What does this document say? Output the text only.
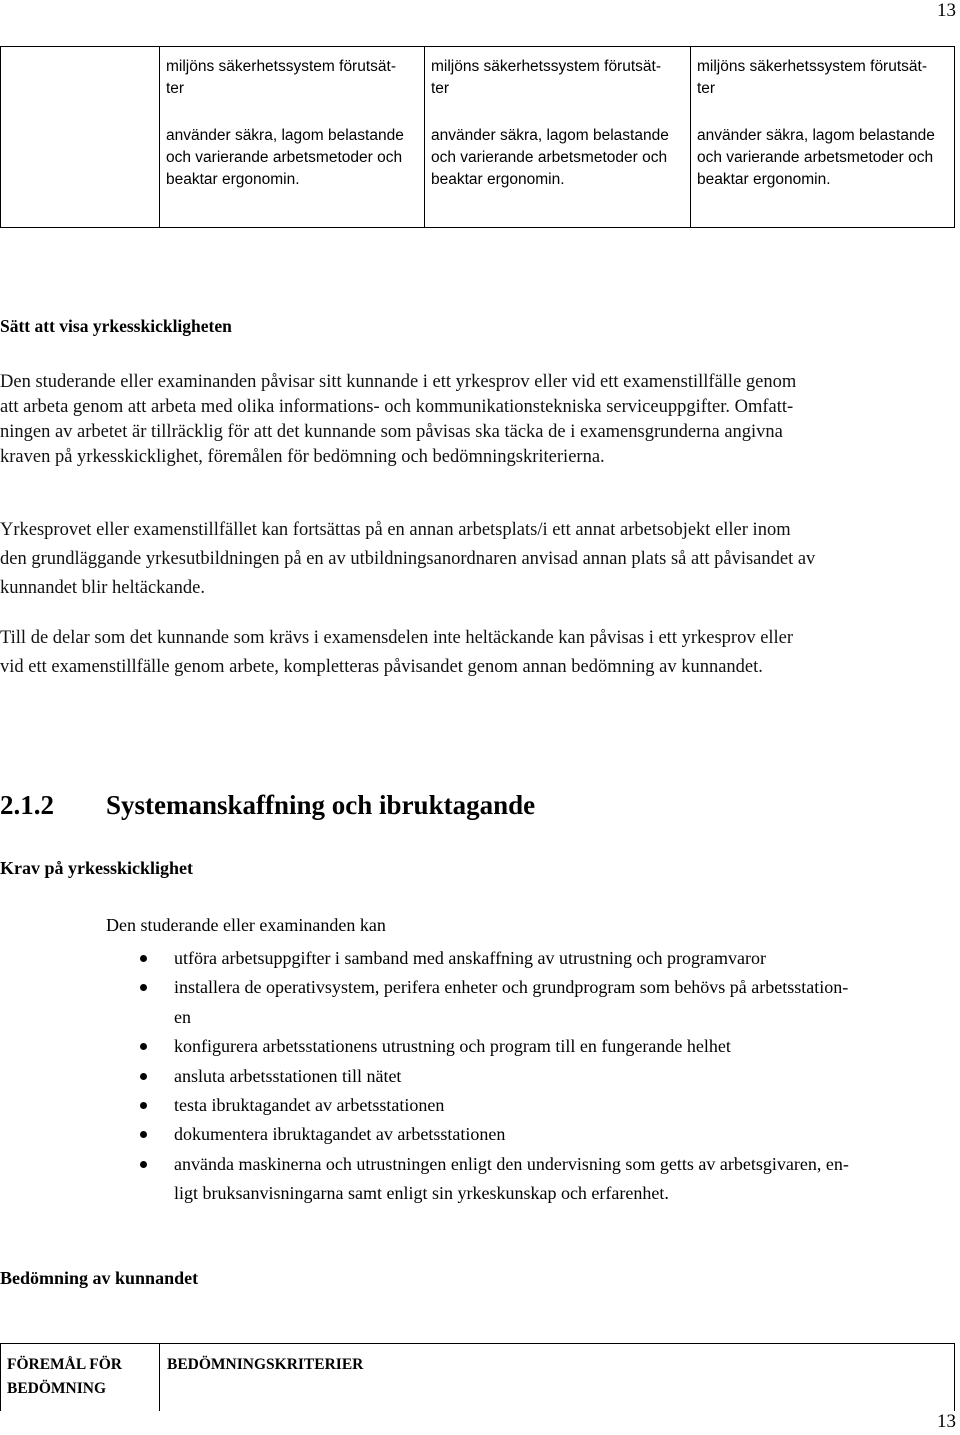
13
miljöns säkerhetssystem förutsät-
ter
använder säkra, lagom belastande
och varierande arbetsmetoder och
beaktar ergonomin.
miljöns säkerhetssystem förutsät-
ter
använder säkra, lagom belastande
och varierande arbetsmetoder och
beaktar ergonomin.
miljöns säkerhetssystem förutsät-
ter
använder säkra, lagom belastande
och varierande arbetsmetoder och
beaktar ergonomin.
Sätt att visa yrkesskickligheten
Den studerande eller examinanden påvisar sitt kunnande i ett yrkesprov eller vid ett examenstillfälle genom
att arbeta genom att arbeta med olika informations- och kommunikationstekniska serviceuppgifter. Omfatt-
ningen av arbetet är tillräcklig för att det kunnande som påvisas ska täcka de i examensgrunderna angivna
kraven på yrkesskicklighet, föremålen för bedömning och bedömningskriterierna.
Yrkesprovet eller examenstillfället kan fortsättas på en annan arbetsplats/i ett annat arbetsobjekt eller inom
den grundläggande yrkesutbildningen på en av utbildningsanordnaren anvisad annan plats så att påvisandet av
kunnandet blir heltäckande.
Till de delar som det kunnande som krävs i examensdelen inte heltäckande kan påvisas i ett yrkesprov eller
vid ett examenstillfälle genom arbete, kompletteras påvisandet genom annan bedömning av kunnandet.
2.1.2 Systemanskaffning och ibruktagande
Krav på yrkesskicklighet
Den studerande eller examinanden kan
utföra arbetsuppgifter i samband med anskaffning av utrustning och programvaror
installera de operativsystem, perifera enheter och grundprogram som behövs på arbetsstation-
en
konfigurera arbetsstationens utrustning och program till en fungerande helhet
ansluta arbetsstationen till nätet
testa ibruktagandet av arbetsstationen
dokumentera ibruktagandet av arbetsstationen
använda maskinerna och utrustningen enligt den undervisning som getts av arbetsgivaren, en-
ligt bruksanvisningarna samt enligt sin yrkeskunskap och erfarenhet.
Bedömning av kunnandet
FÖREMÅL FÖR
BEDÖMNING
BEDÖMNINGSKRITERIER
13
